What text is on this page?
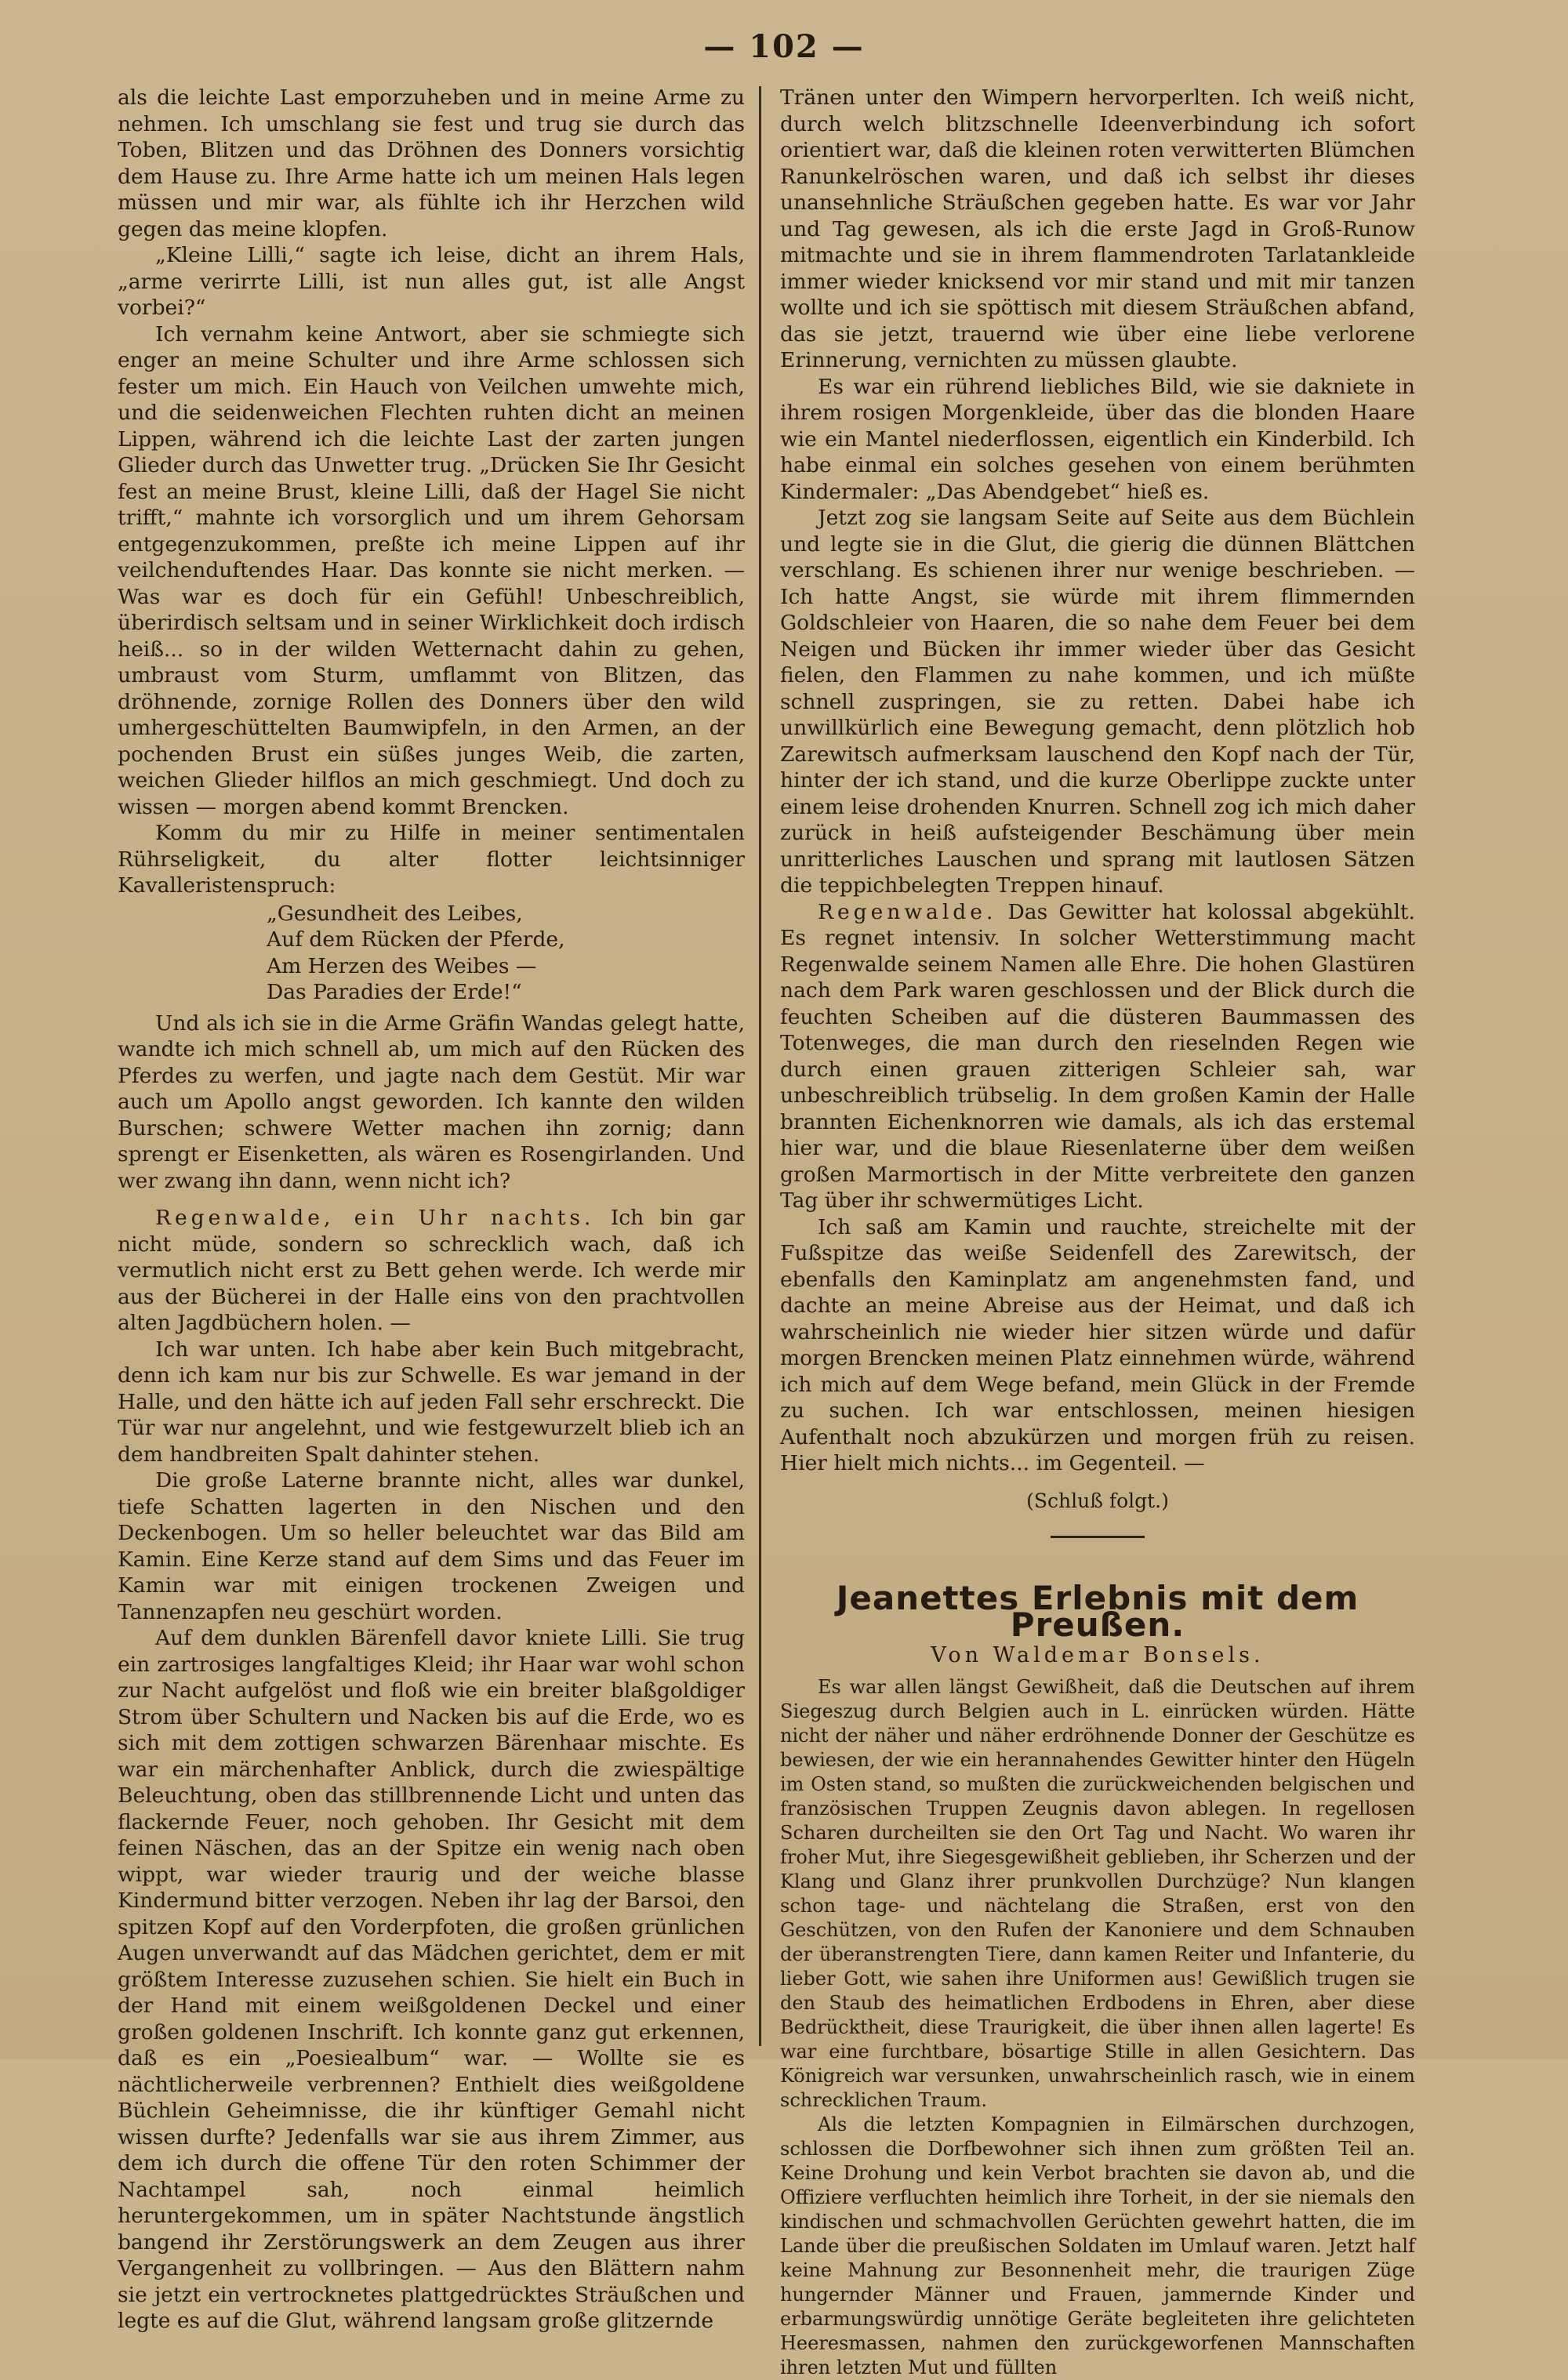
— 102 —

als die leichte Last emporzuheben und in meine Arme zu nehmen. Ich umschlang sie fest und trug sie durch das Toben, Blitzen und das Dröhnen des Donners vorsichtig dem Hause zu. Ihre Arme hatte ich um meinen Hals legen müssen und mir war, als fühlte ich ihr Herzchen wild gegen das meine klopfen.

„Kleine Lilli,“ sagte ich leise, dicht an ihrem Hals, „arme verirrte Lilli, ist nun alles gut, ist alle Angst vorbei?“

Ich vernahm keine Antwort, aber sie schmiegte sich enger an meine Schulter und ihre Arme schlossen sich fester um mich. Ein Hauch von Veilchen umwehte mich, und die seidenweichen Flechten ruhten dicht an meinen Lippen, während ich die leichte Last der zarten jungen Glieder durch das Unwetter trug. „Drücken Sie Ihr Gesicht fest an meine Brust, kleine Lilli, daß der Hagel Sie nicht trifft,“ mahnte ich vorsorglich und um ihrem Gehorsam entgegenzukommen, preßte ich meine Lippen auf ihr veilchenduftendes Haar. Das konnte sie nicht merken. — Was war es doch für ein Gefühl! Unbeschreiblich, überirdisch seltsam und in seiner Wirklichkeit doch irdisch heiß... so in der wilden Wetternacht dahin zu gehen, umbraust vom Sturm, umflammt von Blitzen, das dröhnende, zornige Rollen des Donners über den wild umhergeschüttelten Baumwipfeln, in den Armen, an der pochenden Brust ein süßes junges Weib, die zarten, weichen Glieder hilflos an mich geschmiegt. Und doch zu wissen — morgen abend kommt Brencken.

Komm du mir zu Hilfe in meiner sentimentalen Rührseligkeit, du alter flotter leichtsinniger Kavalleristenspruch:

„Gesundheit des Leibes,
Auf dem Rücken der Pferde,
Am Herzen des Weibes —
Das Paradies der Erde!“

Und als ich sie in die Arme Gräfin Wandas gelegt hatte, wandte ich mich schnell ab, um mich auf den Rücken des Pferdes zu werfen, und jagte nach dem Gestüt. Mir war auch um Apollo angst geworden. Ich kannte den wilden Burschen; schwere Wetter machen ihn zornig; dann sprengt er Eisenketten, als wären es Rosengirlanden. Und wer zwang ihn dann, wenn nicht ich?

Regenwalde, ein Uhr nachts. Ich bin gar nicht müde, sondern so schrecklich wach, daß ich vermutlich nicht erst zu Bett gehen werde. Ich werde mir aus der Bücherei in der Halle eins von den prachtvollen alten Jagdbüchern holen. —

Ich war unten. Ich habe aber kein Buch mitgebracht, denn ich kam nur bis zur Schwelle. Es war jemand in der Halle, und den hätte ich auf jeden Fall sehr erschreckt. Die Tür war nur angelehnt, und wie festgewurzelt blieb ich an dem handbreiten Spalt dahinter stehen.

Die große Laterne brannte nicht, alles war dunkel, tiefe Schatten lagerten in den Nischen und den Deckenbogen. Um so heller beleuchtet war das Bild am Kamin. Eine Kerze stand auf dem Sims und das Feuer im Kamin war mit einigen trockenen Zweigen und Tannenzapfen neu geschürt worden.

Auf dem dunklen Bärenfell davor kniete Lilli. Sie trug ein zartrosiges langfaltiges Kleid; ihr Haar war wohl schon zur Nacht aufgelöst und floß wie ein breiter blaßgoldiger Strom über Schultern und Nacken bis auf die Erde, wo es sich mit dem zottigen schwarzen Bärenhaar mischte. Es war ein märchenhafter Anblick, durch die zwiespältige Beleuchtung, oben das stillbrennende Licht und unten das flackernde Feuer, noch gehoben. Ihr Gesicht mit dem feinen Näschen, das an der Spitze ein wenig nach oben wippt, war wieder traurig und der weiche blasse Kindermund bitter verzogen. Neben ihr lag der Barsoi, den spitzen Kopf auf den Vorderpfoten, die großen grünlichen Augen unverwandt auf das Mädchen gerichtet, dem er mit größtem Interesse zuzusehen schien. Sie hielt ein Buch in der Hand mit einem weißgoldenen Deckel und einer großen goldenen Inschrift. Ich konnte ganz gut erkennen, daß es ein „Poesiealbum“ war. — Wollte sie es nächtlicherweile verbrennen? Enthielt dies weißgoldene Büchlein Geheimnisse, die ihr künftiger Gemahl nicht wissen durfte? Jedenfalls war sie aus ihrem Zimmer, aus dem ich durch die offene Tür den roten Schimmer der Nachtampel sah, noch einmal heimlich heruntergekommen, um in später Nachtstunde ängstlich bangend ihr Zerstörungswerk an dem Zeugen aus ihrer Vergangenheit zu vollbringen. — Aus den Blättern nahm sie jetzt ein vertrocknetes plattgedrücktes Sträußchen und legte es auf die Glut, während langsam große glitzernde

Tränen unter den Wimpern hervorperlten. Ich weiß nicht, durch welch blitzschnelle Ideenverbindung ich sofort orientiert war, daß die kleinen roten verwitterten Blümchen Ranunkelröschen waren, und daß ich selbst ihr dieses unansehnliche Sträußchen gegeben hatte. Es war vor Jahr und Tag gewesen, als ich die erste Jagd in Groß-Runow mitmachte und sie in ihrem flammendroten Tarlatankleide immer wieder knicksend vor mir stand und mit mir tanzen wollte und ich sie spöttisch mit diesem Sträußchen abfand, das sie jetzt, trauernd wie über eine liebe verlorene Erinnerung, vernichten zu müssen glaubte.

Es war ein rührend liebliches Bild, wie sie dakniete in ihrem rosigen Morgenkleide, über das die blonden Haare wie ein Mantel niederflossen, eigentlich ein Kinderbild. Ich habe einmal ein solches gesehen von einem berühmten Kindermaler: „Das Abendgebet“ hieß es.

Jetzt zog sie langsam Seite auf Seite aus dem Büchlein und legte sie in die Glut, die gierig die dünnen Blättchen verschlang. Es schienen ihrer nur wenige beschrieben. — Ich hatte Angst, sie würde mit ihrem flimmernden Goldschleier von Haaren, die so nahe dem Feuer bei dem Neigen und Bücken ihr immer wieder über das Gesicht fielen, den Flammen zu nahe kommen, und ich müßte schnell zuspringen, sie zu retten. Dabei habe ich unwillkürlich eine Bewegung gemacht, denn plötzlich hob Zarewitsch aufmerksam lauschend den Kopf nach der Tür, hinter der ich stand, und die kurze Oberlippe zuckte unter einem leise drohenden Knurren. Schnell zog ich mich daher zurück in heiß aufsteigender Beschämung über mein unritterliches Lauschen und sprang mit lautlosen Sätzen die teppichbelegten Treppen hinauf.

Regenwalde. Das Gewitter hat kolossal abgekühlt. Es regnet intensiv. In solcher Wetterstimmung macht Regenwalde seinem Namen alle Ehre. Die hohen Glastüren nach dem Park waren geschlossen und der Blick durch die feuchten Scheiben auf die düsteren Baummassen des Totenweges, die man durch den rieselnden Regen wie durch einen grauen zitterigen Schleier sah, war unbeschreiblich trübselig. In dem großen Kamin der Halle brannten Eichenknorren wie damals, als ich das erstemal hier war, und die blaue Riesenlaterne über dem weißen großen Marmortisch in der Mitte verbreitete den ganzen Tag über ihr schwermütiges Licht.

Ich saß am Kamin und rauchte, streichelte mit der Fußspitze das weiße Seidenfell des Zarewitsch, der ebenfalls den Kaminplatz am angenehmsten fand, und dachte an meine Abreise aus der Heimat, und daß ich wahrscheinlich nie wieder hier sitzen würde und dafür morgen Brencken meinen Platz einnehmen würde, während ich mich auf dem Wege befand, mein Glück in der Fremde zu suchen. Ich war entschlossen, meinen hiesigen Aufenthalt noch abzukürzen und morgen früh zu reisen. Hier hielt mich nichts... im Gegenteil. —

(Schluß folgt.)

Jeanettes Erlebnis mit dem Preußen.
Von Waldemar Bonsels.

Es war allen längst Gewißheit, daß die Deutschen auf ihrem Siegeszug durch Belgien auch in L. einrücken würden. Hätte nicht der näher und näher erdröhnende Donner der Geschütze es bewiesen, der wie ein herannahendes Gewitter hinter den Hügeln im Osten stand, so mußten die zurückweichenden belgischen und französischen Truppen Zeugnis davon ablegen. In regellosen Scharen durcheilten sie den Ort Tag und Nacht. Wo waren ihr froher Mut, ihre Siegesgewißheit geblieben, ihr Scherzen und der Klang und Glanz ihrer prunkvollen Durchzüge? Nun klangen schon tage- und nächtelang die Straßen, erst von den Geschützen, von den Rufen der Kanoniere und dem Schnauben der überanstrengten Tiere, dann kamen Reiter und Infanterie, du lieber Gott, wie sahen ihre Uniformen aus! Gewißlich trugen sie den Staub des heimatlichen Erdbodens in Ehren, aber diese Bedrücktheit, diese Traurigkeit, die über ihnen allen lagerte! Es war eine furchtbare, bösartige Stille in allen Gesichtern. Das Königreich war versunken, unwahrscheinlich rasch, wie in einem schrecklichen Traum.

Als die letzten Kompagnien in Eilmärschen durchzogen, schlossen die Dorfbewohner sich ihnen zum größten Teil an. Keine Drohung und kein Verbot brachten sie davon ab, und die Offiziere verfluchten heimlich ihre Torheit, in der sie niemals den kindischen und schmachvollen Gerüchten gewehrt hatten, die im Lande über die preußischen Soldaten im Umlauf waren. Jetzt half keine Mahnung zur Besonnenheit mehr, die traurigen Züge hungernder Männer und Frauen, jammernde Kinder und erbarmungswürdig unnötige Geräte begleiteten ihre gelichteten Heeresmassen, nahmen den zurückgeworfenen Mannschaften ihren letzten Mut und füllten
